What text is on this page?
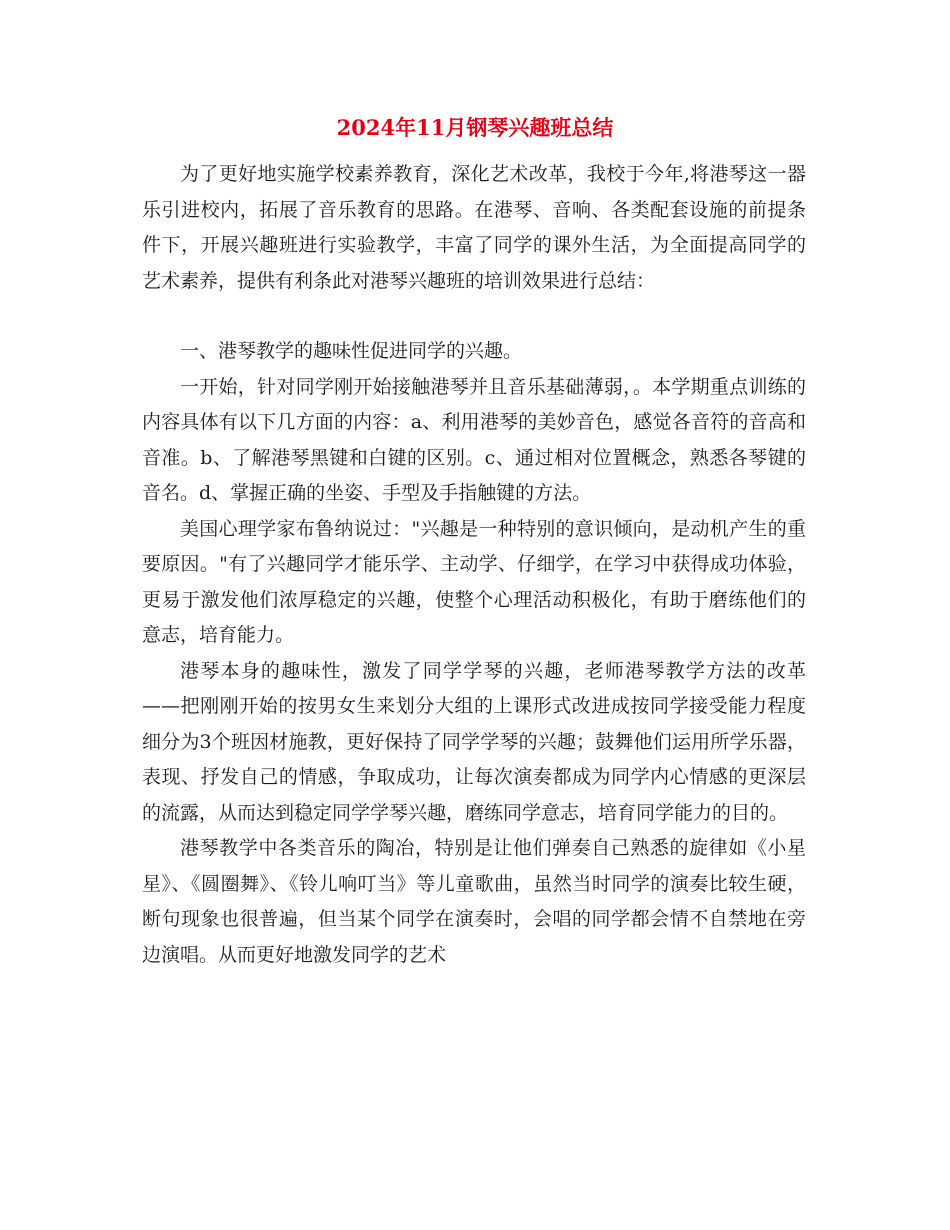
2024年11月钢琴兴趣班总结

为了更好地实施学校素养教育，深化艺术改革，我校于今年,将港琴这一器乐引进校内，拓展了音乐教育的思路。在港琴、音响、各类配套设施的前提条件下，开展兴趣班进行实验教学，丰富了同学的课外生活，为全面提高同学的艺术素养，提供有利条此对港琴兴趣班的培训效果进行总结：

一、港琴教学的趣味性促进同学的兴趣。

一开始，针对同学刚开始接触港琴并且音乐基础薄弱，。本学期重点训练的内容具体有以下几方面的内容：a、利用港琴的美妙音色，感觉各音符的音高和音准。b、了解港琴黑键和白键的区别。c、通过相对位置概念，熟悉各琴键的音名。d、掌握正确的坐姿、手型及手指触键的方法。

美国心理学家布鲁纳说过："兴趣是一种特别的意识倾向，是动机产生的重要原因。"有了兴趣同学才能乐学、主动学、仔细学，在学习中获得成功体验，更易于激发他们浓厚稳定的兴趣，使整个心理活动积极化，有助于磨练他们的意志，培育能力。

港琴本身的趣味性，激发了同学学琴的兴趣，老师港琴教学方法的改革——把刚刚开始的按男女生来划分大组的上课形式改进成按同学接受能力程度细分为3个班因材施教，更好保持了同学学琴的兴趣；鼓舞他们运用所学乐器，表现、抒发自己的情感，争取成功，让每次演奏都成为同学内心情感的更深层的流露，从而达到稳定同学学琴兴趣，磨练同学意志，培育同学能力的目的。

港琴教学中各类音乐的陶冶，特别是让他们弹奏自己熟悉的旋律如《小星星》、《圆圈舞》、《铃儿响叮当》等儿童歌曲，虽然当时同学的演奏比较生硬，断句现象也很普遍，但当某个同学在演奏时，会唱的同学都会情不自禁地在旁边演唱。从而更好地激发同学的艺术
